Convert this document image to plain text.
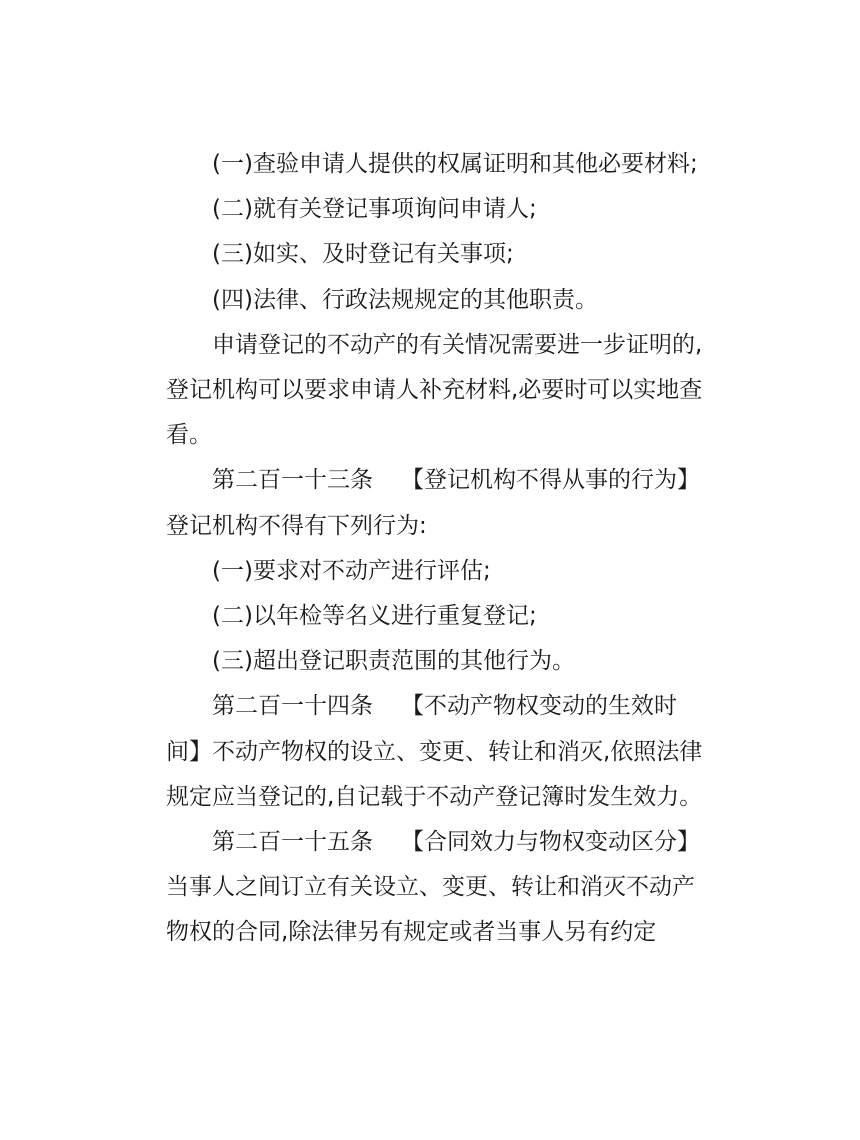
(一)查验申请人提供的权属证明和其他必要材料;

(二)就有关登记事项询问申请人;

(三)如实、及时登记有关事项;

(四)法律、行政法规规定的其他职责。

申请登记的不动产的有关情况需要进一步证明的,登记机构可以要求申请人补充材料,必要时可以实地查看。

第二百一十三条 【登记机构不得从事的行为】登记机构不得有下列行为:

(一)要求对不动产进行评估;

(二)以年检等名义进行重复登记;

(三)超出登记职责范围的其他行为。

第二百一十四条 【不动产物权变动的生效时间】不动产物权的设立、变更、转让和消灭,依照法律规定应当登记的,自记载于不动产登记簿时发生效力。

第二百一十五条 【合同效力与物权变动区分】当事人之间订立有关设立、变更、转让和消灭不动产物权的合同,除法律另有规定或者当事人另有约定
